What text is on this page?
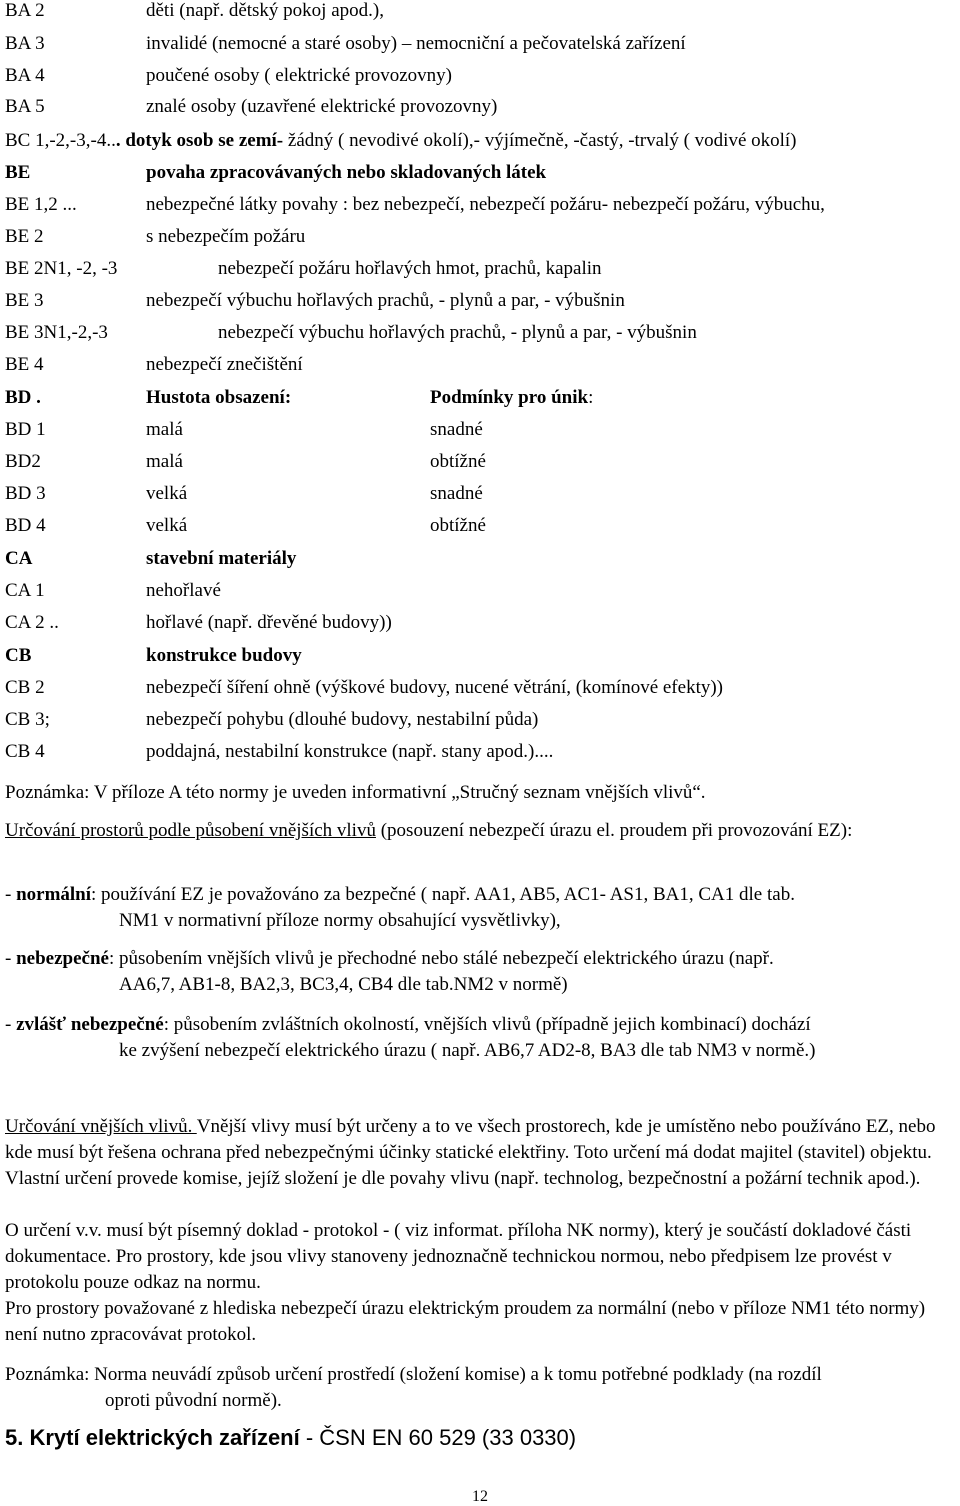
BA 2	děti (např. dětský pokoj apod.),
BA 3	invalidé (nemocné a staré osoby) – nemocniční a pečovatelská zařízení
BA 4	poučené osoby ( elektrické provozovny)
BA 5	znalé osoby (uzavřené elektrické provozovny)
BC 1,-2,-3,-4... dotyk osob se zemí- žádný ( nevodivé okolí),- výjímečně, -častý, -trvalý ( vodivé okolí)
BE	povaha zpracovávaných nebo skladovaných látek
BE 1,2 ...	nebezpečné látky povahy : bez nebezpečí, nebezpečí požáru- nebezpečí požáru, výbuchu,
BE 2	s nebezpečím požáru
BE 2N1, -2, -3	nebezpečí požáru hořlavých hmot, prachů, kapalin
BE 3	nebezpečí výbuchu hořlavých prachů, - plynů a par, - výbušnin
BE 3N1,-2,-3	nebezpečí výbuchu hořlavých prachů, - plynů a par, - výbušnin
BE 4	nebezpečí znečištění
BD .	Hustota obsazení:	Podmínky pro únik:
BD 1	malá	snadné
BD2	malá	obtížné
BD 3	velká	snadné
BD 4	velká	obtížné
CA	stavební materiály
CA 1	nehořlavé
CA 2 ..	hořlavé (např. dřevěné budovy))
CB	konstrukce budovy
CB 2	nebezpečí šíření ohně (výškové budovy, nucené větrání, (komínové efekty))
CB 3;	nebezpečí pohybu (dlouhé budovy, nestabilní půda)
CB 4	poddajná, nestabilní konstrukce (např. stany apod.)....
Poznámka: V příloze A této normy je uveden informativní „Stručný seznam vnějších vlivů“.
Určování prostorů podle působení vnějších vlivů (posouzení nebezpečí úrazu el. proudem při provozování EZ):
- normální: používání EZ je považováno za bezpečné ( např. AA1, AB5, AC1- AS1, BA1, CA1 dle tab.
NM1 v normativní příloze normy obsahující vysvětlivky),
- nebezpečné: působením vnějších vlivů je přechodné nebo stálé nebezpečí elektrického úrazu (např.
AA6,7, AB1-8, BA2,3, BC3,4, CB4 dle tab.NM2 v normě)
- zvlášť nebezpečné: působením zvláštních okolností, vnějších vlivů (případně jejich kombinací) dochází
ke zvýšení nebezpečí elektrického úrazu ( např. AB6,7 AD2-8, BA3 dle tab NM3 v normě.)
Určování vnějších vlivů. Vnější vlivy musí být určeny a to ve všech prostorech, kde je umístěno nebo používáno EZ, nebo kde musí být řešena ochrana před nebezpečnými účinky statické elektřiny. Toto určení má dodat majitel (stavitel) objektu. Vlastní určení provede komise, jejíž složení je dle povahy vlivu (např. technolog, bezpečnostní a požární technik apod.).
O určení v.v. musí být písemný doklad - protokol - ( viz informat. příloha NK normy), který je součástí dokladové části dokumentace. Pro prostory, kde jsou vlivy stanoveny jednoznačně technickou normou, nebo předpisem lze provést v protokolu pouze odkaz na normu.
Pro prostory považované z hlediska nebezpečí úrazu elektrickým proudem za normální (nebo v příloze NM1 této normy) není nutno zpracovávat protokol.
Poznámka: Norma neuvádí způsob určení prostředí (složení komise) a k tomu potřebné podklady (na rozdíl
oproti původní normě).
5. Krytí elektrických zařízení - ČSN EN 60 529 (33 0330)
12
